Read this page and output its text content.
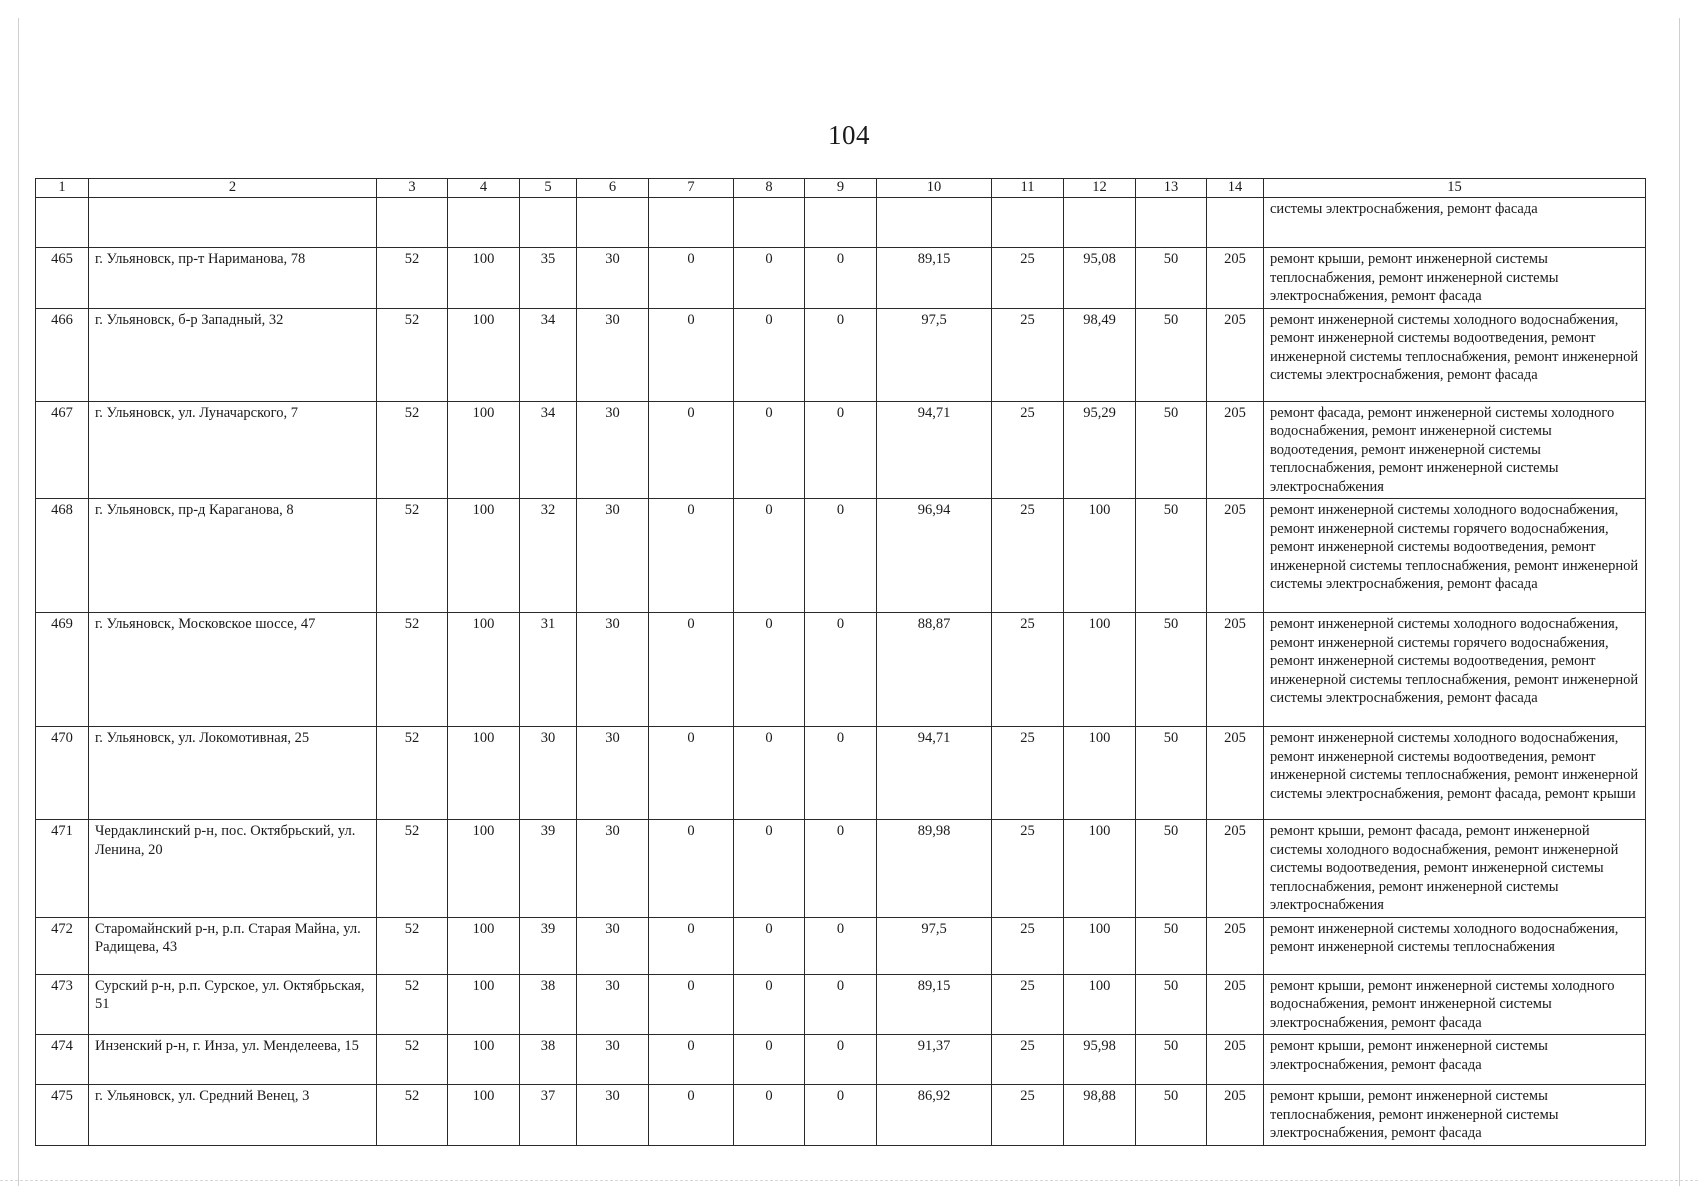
104
1	2	3	4	5	6	7	8	9	10	11	12	13	14	15
														системы электроснабжения, ремонт фасада
465	г. Ульяновск, пр-т Нариманова, 78	52	100	35	30	0	0	0	89,15	25	95,08	50	205	ремонт крыши, ремонт инженерной системы теплоснабжения, ремонт инженерной системы электроснабжения, ремонт фасада
466	г. Ульяновск, б-р Западный, 32	52	100	34	30	0	0	0	97,5	25	98,49	50	205	ремонт инженерной системы холодного водоснабжения, ремонт инженерной системы водоотведения, ремонт инженерной системы теплоснабжения, ремонт инженерной системы электроснабжения, ремонт фасада
467	г. Ульяновск, ул. Луначарского, 7	52	100	34	30	0	0	0	94,71	25	95,29	50	205	ремонт фасада, ремонт инженерной системы холодного водоснабжения, ремонт инженерной системы водоотедения, ремонт инженерной системы теплоснабжения, ремонт инженерной системы электроснабжения
468	г. Ульяновск, пр-д Караганова, 8	52	100	32	30	0	0	0	96,94	25	100	50	205	ремонт инженерной системы холодного водоснабжения, ремонт инженерной системы горячего водоснабжения, ремонт инженерной системы водоотведения, ремонт инженерной системы теплоснабжения, ремонт инженерной системы электроснабжения, ремонт фасада
469	г. Ульяновск, Московское шоссе, 47	52	100	31	30	0	0	0	88,87	25	100	50	205	ремонт инженерной системы холодного водоснабжения, ремонт инженерной системы горячего водоснабжения, ремонт инженерной системы водоотведения, ремонт инженерной системы теплоснабжения, ремонт инженерной системы электроснабжения, ремонт фасада
470	г. Ульяновск, ул. Локомотивная, 25	52	100	30	30	0	0	0	94,71	25	100	50	205	ремонт инженерной системы холодного водоснабжения, ремонт инженерной системы водоотведения, ремонт инженерной системы теплоснабжения, ремонт инженерной системы электроснабжения, ремонт фасада, ремонт крыши
471	Чердаклинский р-н, пос. Октябрьский, ул. Ленина, 20	52	100	39	30	0	0	0	89,98	25	100	50	205	ремонт крыши, ремонт фасада, ремонт инженерной системы холодного водоснабжения, ремонт инженерной системы водоотведения, ремонт инженерной системы теплоснабжения, ремонт инженерной системы электроснабжения
472	Старомайнский р-н, р.п. Старая Майна, ул. Радищева, 43	52	100	39	30	0	0	0	97,5	25	100	50	205	ремонт инженерной системы холодного водоснабжения, ремонт инженерной системы теплоснабжения
473	Сурский р-н, р.п. Сурское, ул. Октябрьская, 51	52	100	38	30	0	0	0	89,15	25	100	50	205	ремонт крыши, ремонт инженерной системы холодного водоснабжения, ремонт инженерной системы электроснабжения, ремонт фасада
474	Инзенский р-н, г. Инза, ул. Менделеева, 15	52	100	38	30	0	0	0	91,37	25	95,98	50	205	ремонт крыши, ремонт инженерной системы электроснабжения, ремонт фасада
475	г. Ульяновск, ул. Средний Венец, 3	52	100	37	30	0	0	0	86,92	25	98,88	50	205	ремонт крыши, ремонт инженерной системы теплоснабжения, ремонт инженерной системы электроснабжения, ремонт фасада
